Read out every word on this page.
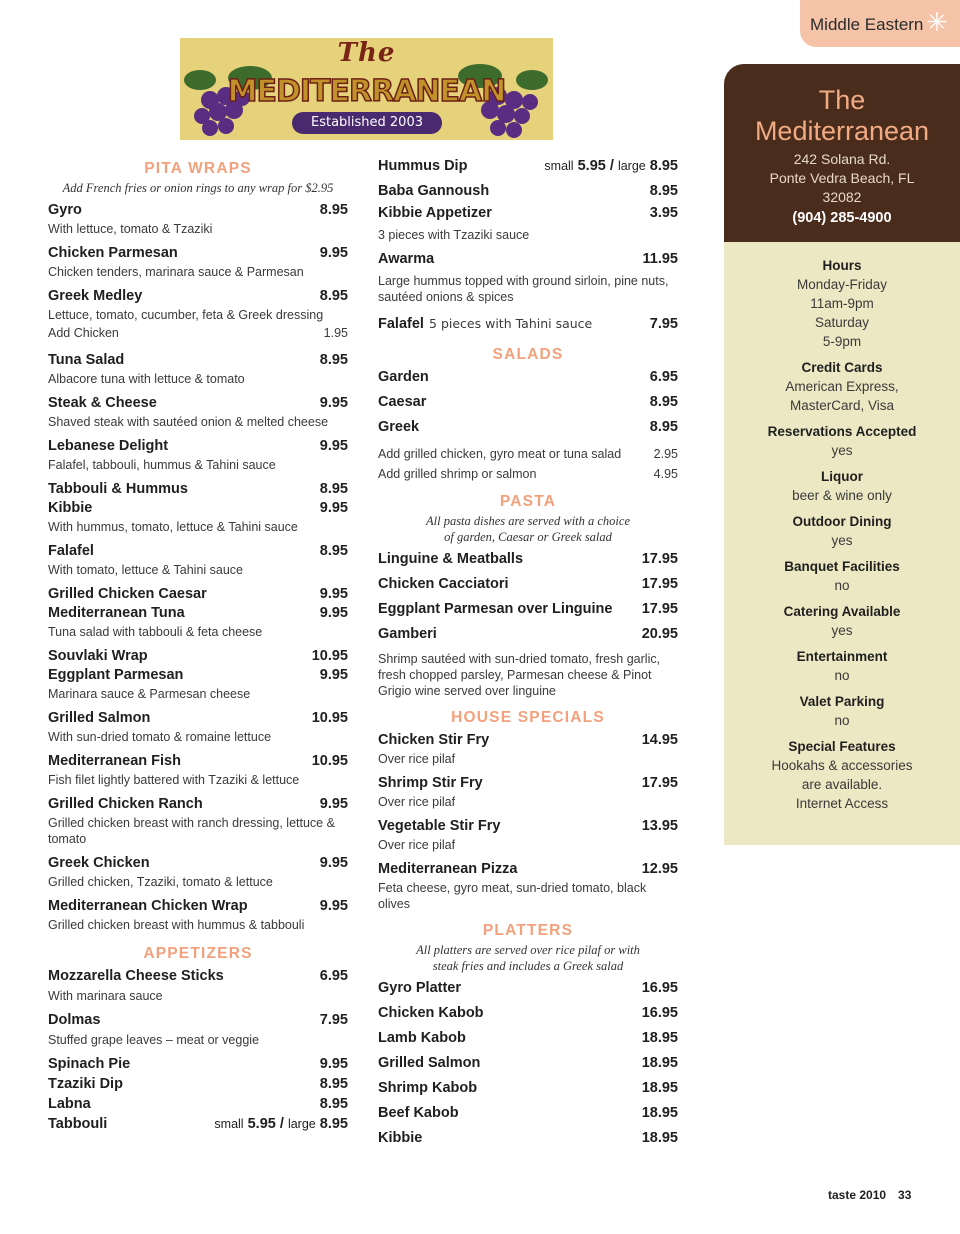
The
MEDITERRANEAN
Established 2003
PITA WRAPS
Add French fries or onion rings to any wrap for $2.95
Gyro	8.95
With lettuce, tomato & Tzaziki
Chicken Parmesan	9.95
Chicken tenders, marinara sauce & Parmesan
Greek Medley	8.95
Lettuce, tomato, cucumber, feta & Greek dressing
Add Chicken	1.95
Tuna Salad	8.95
Albacore tuna with lettuce & tomato
Steak & Cheese	9.95
Shaved steak with sautéed onion & melted cheese
Lebanese Delight	9.95
Falafel, tabbouli, hummus & Tahini sauce
Tabbouli & Hummus	8.95
Kibbie	9.95
With hummus, tomato, lettuce & Tahini sauce
Falafel	8.95
With tomato, lettuce & Tahini sauce
Grilled Chicken Caesar	9.95
Mediterranean Tuna	9.95
Tuna salad with tabbouli & feta cheese
Souvlaki Wrap	10.95
Eggplant Parmesan	9.95
Marinara sauce & Parmesan cheese
Grilled Salmon	10.95
With sun-dried tomato & romaine lettuce
Mediterranean Fish	10.95
Fish filet lightly battered with Tzaziki & lettuce
Grilled Chicken Ranch	9.95
Grilled chicken breast with ranch dressing, lettuce & tomato
Greek Chicken	9.95
Grilled chicken, Tzaziki, tomato & lettuce
Mediterranean Chicken Wrap	9.95
Grilled chicken breast with hummus & tabbouli
APPETIZERS
Mozzarella Cheese Sticks	6.95
With marinara sauce
Dolmas	7.95
Stuffed grape leaves – meat or veggie
Spinach Pie	9.95
Tzaziki Dip	8.95
Labna	8.95
Tabbouli	small 5.95 / large 8.95
Hummus Dip	small 5.95 / large 8.95
Baba Gannoush	8.95
Kibbie Appetizer	3.95
3 pieces with Tzaziki sauce
Awarma	11.95
Large hummus topped with ground sirloin, pine nuts, sautéed onions & spices
Falafel 5 pieces with Tahini sauce	7.95
SALADS
Garden	6.95
Caesar	8.95
Greek	8.95
Add grilled chicken, gyro meat or tuna salad	2.95
Add grilled shrimp or salmon	4.95
PASTA
All pasta dishes are served with a choice
of garden, Caesar or Greek salad
Linguine & Meatballs	17.95
Chicken Cacciatori	17.95
Eggplant Parmesan over Linguine 17.95
Gamberi	20.95
Shrimp sautéed with sun-dried tomato, fresh garlic, fresh chopped parsley, Parmesan cheese & Pinot Grigio wine served over linguine
HOUSE SPECIALS
Chicken Stir Fry	14.95
Over rice pilaf
Shrimp Stir Fry	17.95
Over rice pilaf
Vegetable Stir Fry	13.95
Over rice pilaf
Mediterranean Pizza	12.95
Feta cheese, gyro meat, sun-dried tomato, black olives
PLATTERS
All platters are served over rice pilaf or with
steak fries and includes a Greek salad
Gyro Platter	16.95
Chicken Kabob	16.95
Lamb Kabob	18.95
Grilled Salmon	18.95
Shrimp Kabob	18.95
Beef Kabob	18.95
Kibbie	18.95
Middle Eastern ✳
The
Mediterranean
242 Solana Rd.
Ponte Vedra Beach, FL
32082
(904) 285-4900
Hours
Monday-Friday
11am-9pm
Saturday
5-9pm
Credit Cards
American Express,
MasterCard, Visa
Reservations Accepted
yes
Liquor
beer & wine only
Outdoor Dining
yes
Banquet Facilities
no
Catering Available
yes
Entertainment
no
Valet Parking
no
Special Features
Hookahs & accessories
are available.
Internet Access
taste 2010 33
